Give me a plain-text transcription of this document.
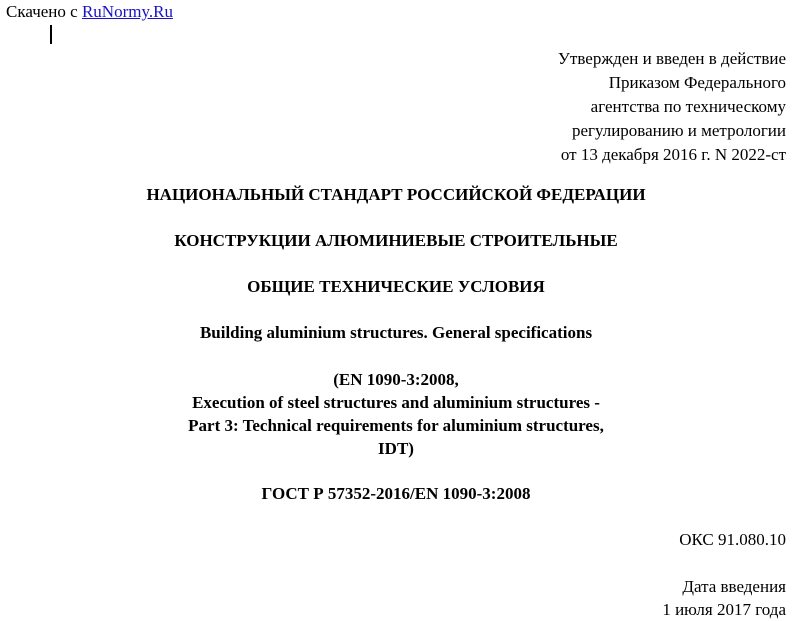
Скачено с RuNormy.Ru
Утвержден и введен в действие
Приказом Федерального
агентства по техническому
регулированию и метрологии
от 13 декабря 2016 г. N 2022-ст
НАЦИОНАЛЬНЫЙ СТАНДАРТ РОССИЙСКОЙ ФЕДЕРАЦИИ
КОНСТРУКЦИИ АЛЮМИНИЕВЫЕ СТРОИТЕЛЬНЫЕ
ОБЩИЕ ТЕХНИЧЕСКИЕ УСЛОВИЯ
Building aluminium structures. General specifications
(EN 1090-3:2008,
Execution of steel structures and aluminium structures -
Part 3: Technical requirements for aluminium structures,
IDT)
ГОСТ Р 57352-2016/EN 1090-3:2008
ОКС 91.080.10
Дата введения
1 июля 2017 года
